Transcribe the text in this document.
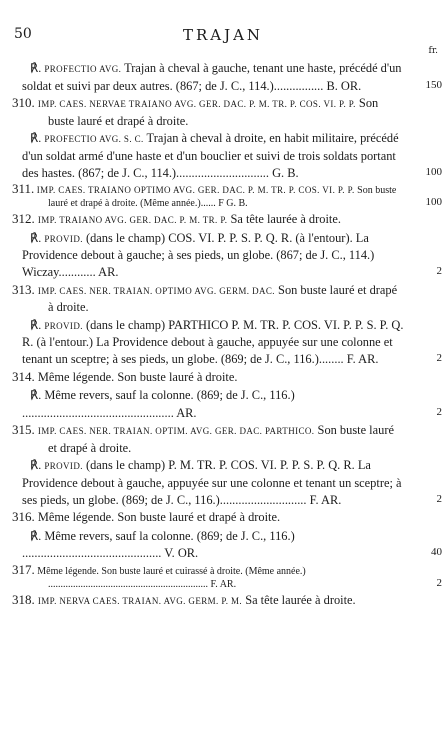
50	TRAJAN
fr.
℟. PROFECTIO AVG. Trajan à cheval à gauche, tenant une haste, précédé d'un soldat et suivi par deux autres. (867; de J. C., 114.)................ B. OR.	150
310. IMP. CAES. NERVAE TRAIANO AVG. GER. DAC. P. M. TR. P. COS. VI. P. P. Son buste lauré et drapé à droite.
℟. PROFECTIO AVG. S. C. Trajan à cheval à droite, en habit militaire, précédé d'un soldat armé d'une haste et d'un bouclier et suivi de trois soldats portant des hastes. (867; de J. C., 114.).............................. G. B.	100
311. IMP. CAES. TRAIANO OPTIMO AVG. GER. DAC. P. M. TR. P. COS. VI. P. P. Son buste lauré et drapé à droite. (Même année.)...... F G. B.	100
312. IMP. TRAIANO AVG. GER. DAC. P. M. TR. P. Sa tête laurée à droite.
℟. PROVID. (dans le champ) COS. VI. P. P. S. P. Q. R. (à l'entour). La Providence debout à gauche; à ses pieds, un globe. (867; de J. C., 114.) Wiczay............ AR.	2
313. IMP. CAES. NER. TRAIAN. OPTIMO AVG. GERM. DAC. Son buste lauré et drapé à droite.
℟. PROVID. (dans le champ) PARTHICO P. M. TR. P. COS. VI. P. P. S. P. Q. R. (à l'entour.) La Providence debout à gauche, appuyée sur une colonne et tenant un sceptre; à ses pieds, un globe. (869; de J. C., 116.)........ F. AR.	2
314. Même légende. Son buste lauré à droite.
℟. Même revers, sauf la colonne. (869; de J. C., 116.) ................................................. AR.	2
315. IMP. CAES. NER. TRAIAN. OPTIM. AVG. GER. DAC. PARTHICO. Son buste lauré et drapé à droite.
℟. PROVID. (dans le champ) P. M. TR. P. COS. VI. P. P. S. P. Q. R. La Providence debout à gauche, appuyée sur une colonne et tenant un sceptre; à ses pieds, un globe. (869; de J. C., 116.)............................ F. AR.	2
316. Même légende. Son buste lauré et drapé à droite.
℟. Même revers, sauf la colonne. (869; de J. C., 116.) ............................................. V. OR.	40
317. Même légende. Son buste lauré et cuirassé à droite. (Même année.) ................................................................ F. AR.	2
318. IMP. NERVA CAES. TRAIAN. AVG. GERM. P. M. Sa tête laurée à droite.
